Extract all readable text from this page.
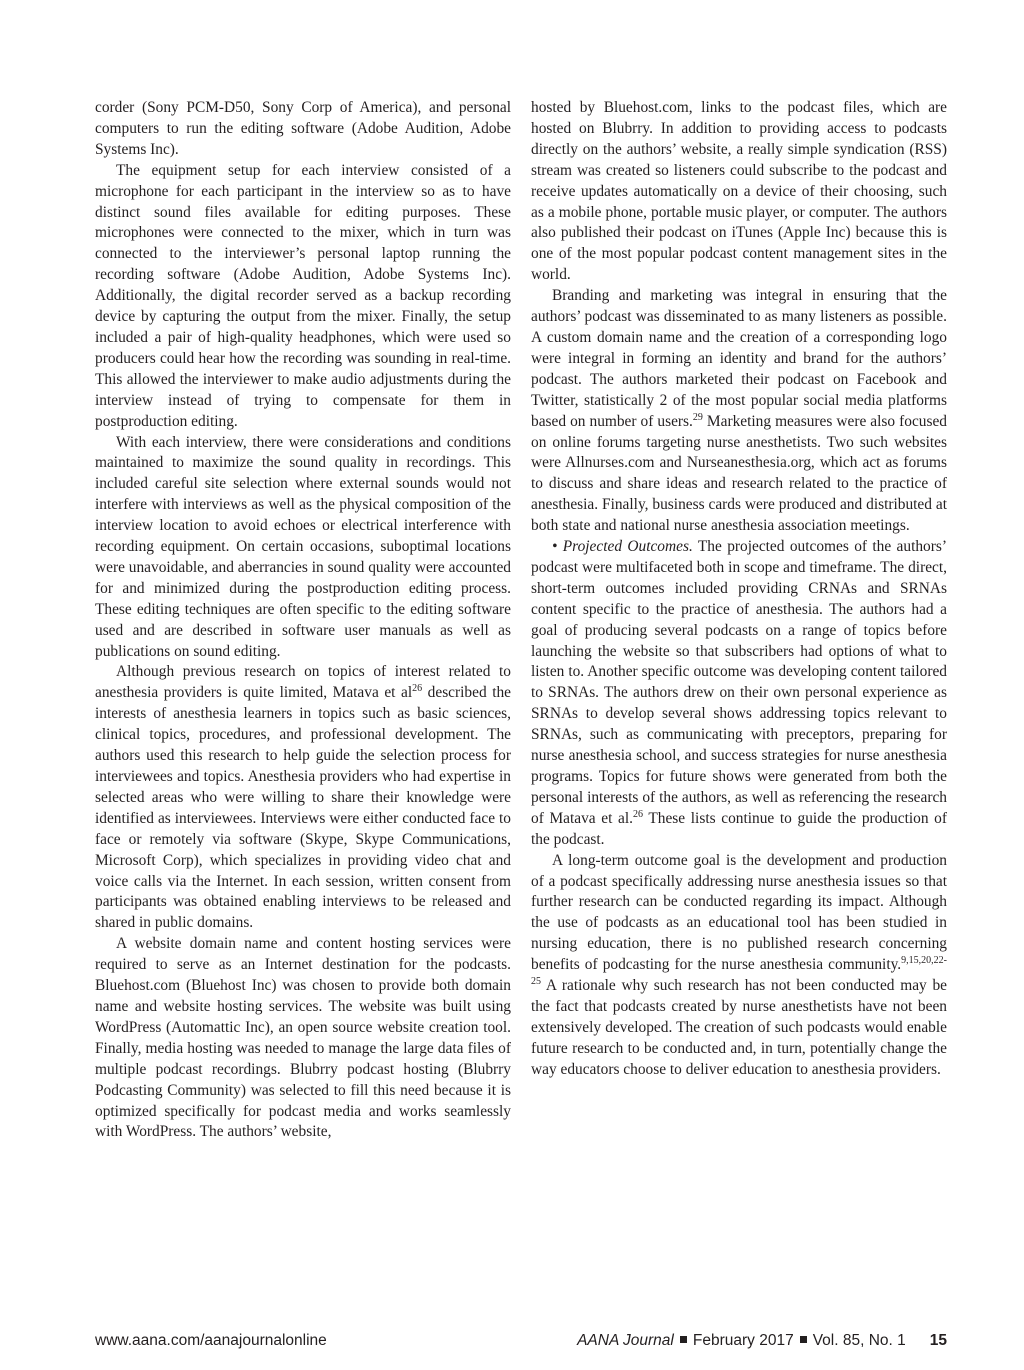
corder (Sony PCM-D50, Sony Corp of America), and personal computers to run the editing software (Adobe Audition, Adobe Systems Inc).

The equipment setup for each interview consisted of a microphone for each participant in the interview so as to have distinct sound files available for editing purposes. These microphones were connected to the mixer, which in turn was connected to the interviewer’s personal laptop running the recording software (Adobe Audition, Adobe Systems Inc). Additionally, the digital recorder served as a backup recording device by capturing the output from the mixer. Finally, the setup included a pair of high-quality headphones, which were used so producers could hear how the recording was sounding in real-time. This allowed the interviewer to make audio adjustments during the interview instead of trying to compensate for them in postproduction editing.

With each interview, there were considerations and conditions maintained to maximize the sound quality in recordings. This included careful site selection where external sounds would not interfere with interviews as well as the physical composition of the interview location to avoid echoes or electrical interference with recording equipment. On certain occasions, suboptimal locations were unavoidable, and aberrancies in sound quality were accounted for and minimized during the postproduction editing process. These editing techniques are often specific to the editing software used and are described in software user manuals as well as publications on sound editing.

Although previous research on topics of interest related to anesthesia providers is quite limited, Matava et $al^{26}$ described the interests of anesthesia learners in topics such as basic sciences, clinical topics, procedures, and professional development. The authors used this research to help guide the selection process for interviewees and topics. Anesthesia providers who had expertise in selected areas who were willing to share their knowledge were identified as interviewees. Interviews were either conducted face to face or remotely via software (Skype, Skype Communications, Microsoft Corp), which specializes in providing video chat and voice calls via the Internet. In each session, written consent from participants was obtained enabling interviews to be released and shared in public domains.

A website domain name and content hosting services were required to serve as an Internet destination for the podcasts. Bluehost.com (Bluehost Inc) was chosen to provide both domain name and website hosting services. The website was built using WordPress (Automattic Inc), an open source website creation tool. Finally, media hosting was needed to manage the large data files of multiple podcast recordings. Blubrry podcast hosting (Blubrry Podcasting Community) was selected to fill this need because it is optimized specifically for podcast media and works seamlessly with WordPress. The authors’ website,

hosted by Bluehost.com, links to the podcast files, which are hosted on Blubrry. In addition to providing access to podcasts directly on the authors’ website, a really simple syndication (RSS) stream was created so listeners could subscribe to the podcast and receive updates automatically on a device of their choosing, such as a mobile phone, portable music player, or computer. The authors also published their podcast on iTunes (Apple Inc) because this is one of the most popular podcast content management sites in the world.

Branding and marketing was integral in ensuring that the authors’ podcast was disseminated to as many listeners as possible. A custom domain name and the creation of a corresponding logo were integral in forming an identity and brand for the authors’ podcast. The authors marketed their podcast on Facebook and Twitter, statistically 2 of the most popular social media platforms based on number of users.$^{29}$ Marketing measures were also focused on online forums targeting nurse anesthetists. Two such websites were Allnurses.com and Nurseanesthesia.org, which act as forums to discuss and share ideas and research related to the practice of anesthesia. Finally, business cards were produced and distributed at both state and national nurse anesthesia association meetings.

• Projected Outcomes. The projected outcomes of the authors’ podcast were multifaceted both in scope and timeframe. The direct, short-term outcomes included providing CRNAs and SRNAs content specific to the practice of anesthesia. The authors had a goal of producing several podcasts on a range of topics before launching the website so that subscribers had options of what to listen to. Another specific outcome was developing content tailored to SRNAs. The authors drew on their own personal experience as SRNAs to develop several shows addressing topics relevant to SRNAs, such as communicating with preceptors, preparing for nurse anesthesia school, and success strategies for nurse anesthesia programs. Topics for future shows were generated from both the personal interests of the authors, as well as referencing the research of Matava et al.$^{26}$ These lists continue to guide the production of the podcast.

A long-term outcome goal is the development and production of a podcast specifically addressing nurse anesthesia issues so that further research can be conducted regarding its impact. Although the use of podcasts as an educational tool has been studied in nursing education, there is no published research concerning benefits of podcasting for the nurse anesthesia community.$^{9,15,20,22-25}$ A rationale why such research has not been conducted may be the fact that podcasts created by nurse anesthetists have not been extensively developed. The creation of such podcasts would enable future research to be conducted and, in turn, potentially change the way educators choose to deliver education to anesthesia providers.

www.aana.com/aanajournalonline	AANA Journal February 2017 Vol. 85, No. 1 15
